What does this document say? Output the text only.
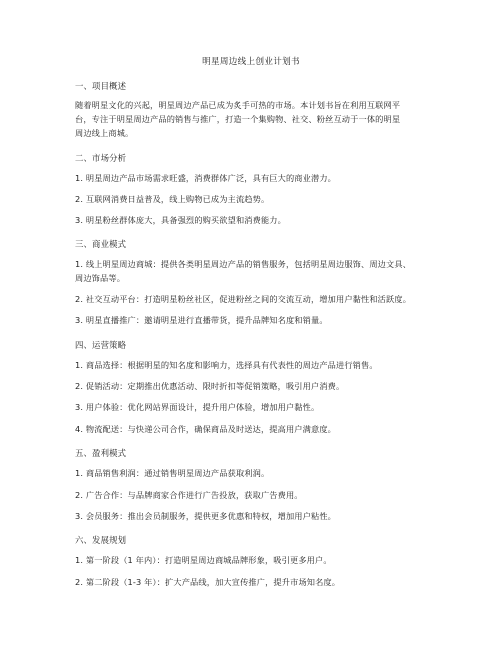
明星周边线上创业计划书
一、项目概述
随着明星文化的兴起，明星周边产品已成为炙手可热的市场。本计划书旨在利用互联网平
台，专注于明星周边产品的销售与推广，打造一个集购物、社交、粉丝互动于一体的明星
周边线上商城。
二、市场分析
1. 明星周边产品市场需求旺盛，消费群体广泛，具有巨大的商业潜力。
2. 互联网消费日益普及，线上购物已成为主流趋势。
3. 明星粉丝群体庞大，具备强烈的购买欲望和消费能力。
三、商业模式
1. 线上明星周边商城：提供各类明星周边产品的销售服务，包括明星周边服饰、周边文具、
周边饰品等。
2. 社交互动平台：打造明星粉丝社区，促进粉丝之间的交流互动，增加用户黏性和活跃度。
3. 明星直播推广：邀请明星进行直播带货，提升品牌知名度和销量。
四、运营策略
1. 商品选择：根据明星的知名度和影响力，选择具有代表性的周边产品进行销售。
2. 促销活动：定期推出优惠活动、限时折扣等促销策略，吸引用户消费。
3. 用户体验：优化网站界面设计，提升用户体验，增加用户黏性。
4. 物流配送：与快递公司合作，确保商品及时送达，提高用户满意度。
五、盈利模式
1. 商品销售利润：通过销售明星周边产品获取利润。
2. 广告合作：与品牌商家合作进行广告投放，获取广告费用。
3. 会员服务：推出会员制服务，提供更多优惠和特权，增加用户粘性。
六、发展规划
1. 第一阶段（1 年内）：打造明星周边商城品牌形象，吸引更多用户。
2. 第二阶段（1-3 年）：扩大产品线，加大宣传推广，提升市场知名度。
